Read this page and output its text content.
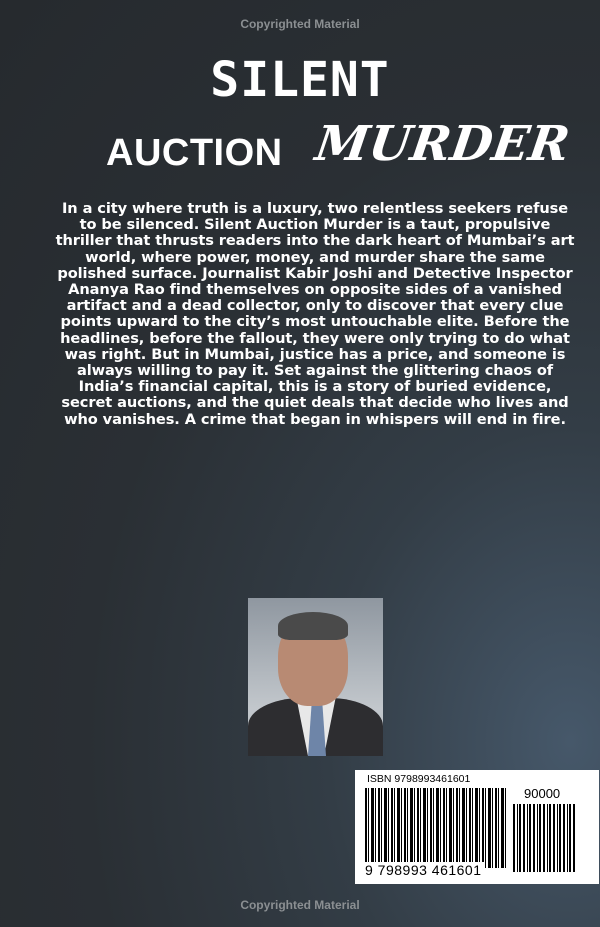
Copyrighted Material
SILENT
AUCTION MURDER
In a city where truth is a luxury, two relentless seekers refuse to be silenced. Silent Auction Murder is a taut, propulsive thriller that thrusts readers into the dark heart of Mumbai’s art world, where power, money, and murder share the same polished surface. Journalist Kabir Joshi and Detective Inspector Ananya Rao find themselves on opposite sides of a vanished artifact and a dead collector, only to discover that every clue points upward to the city’s most untouchable elite. Before the headlines, before the fallout, they were only trying to do what was right. But in Mumbai, justice has a price, and someone is always willing to pay it. Set against the glittering chaos of India’s financial capital, this is a story of buried evidence, secret auctions, and the quiet deals that decide who lives and who vanishes. A crime that began in whispers will end in fire.
ISBN 9798993461601
90000
9 798993 461601
Copyrighted Material
